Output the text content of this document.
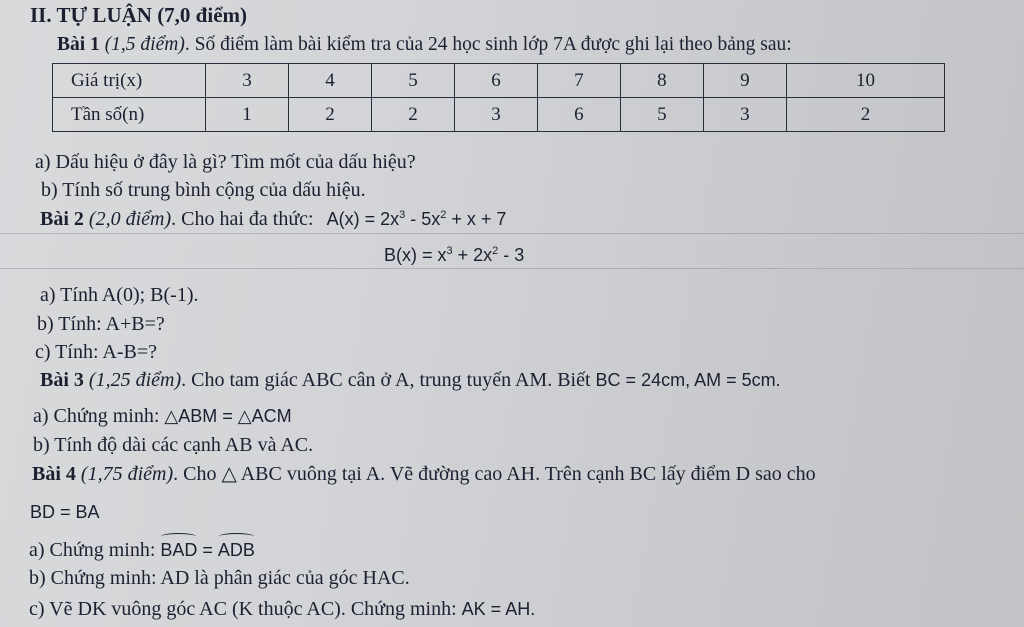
II. TỰ LUẬN (7,0 điểm)
Bài 1 (1,5 điểm). Số điểm làm bài kiểm tra của 24 học sinh lớp 7A được ghi lại theo bảng sau:
Giá trị(x)	3	4	5	6	7	8	9	10
Tần số(n)	1	2	2	3	6	5	3	2
a) Dấu hiệu ở đây là gì? Tìm mốt của dấu hiệu?
b) Tính số trung bình cộng của dấu hiệu.
Bài 2 (2,0 điểm). Cho hai đa thức: $A(x) = 2x^3 - 5x^2 + x + 7$
$B(x) = x^3 + 2x^2 - 3$
a) Tính A(0); B(-1).
b) Tính: A+B=?
c) Tính: A-B=?
Bài 3 (1,25 điểm). Cho tam giác ABC cân ở A, trung tuyến AM. Biết BC = 24cm, AM = 5cm.
a) Chứng minh: △ABM = △ACM
b) Tính độ dài các cạnh AB và AC.
Bài 4 (1,75 điểm). Cho △ ABC vuông tại A. Vẽ đường cao AH. Trên cạnh BC lấy điểm D sao cho
BD = BA
a) Chứng minh: BAD = ADB
b) Chứng minh: AD là phân giác của góc HAC.
c) Vẽ DK vuông góc AC (K thuộc AC). Chứng minh: AK = AH.
